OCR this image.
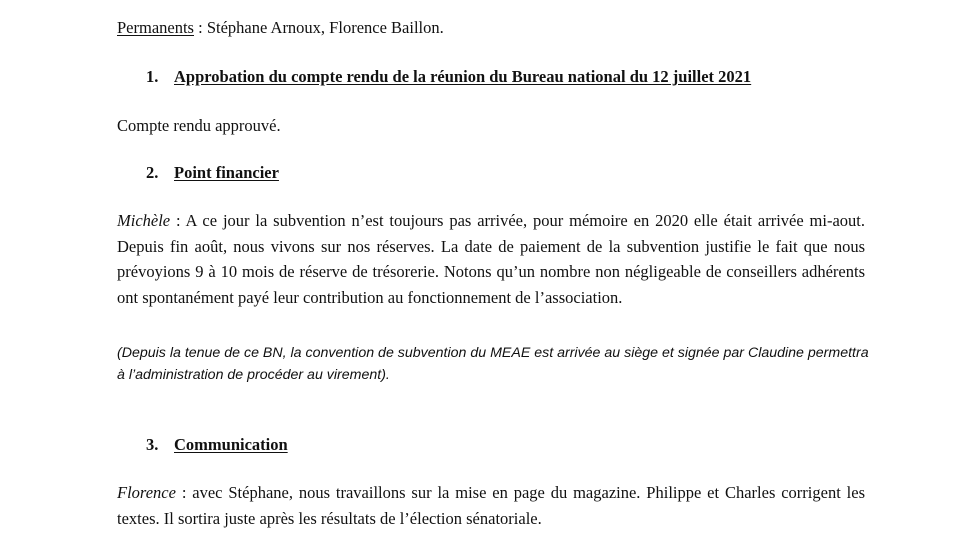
Permanents : Stéphane Arnoux, Florence Baillon.
1. Approbation du compte rendu de la réunion du Bureau national du 12 juillet 2021
Compte rendu approuvé.
2. Point financier
Michèle : A ce jour la subvention n’est toujours pas arrivée, pour mémoire en 2020 elle était arrivée mi-aout. Depuis fin août, nous vivons sur nos réserves. La date de paiement de la subvention justifie le fait que nous prévoyions 9 à 10 mois de réserve de trésorerie. Notons qu’un nombre non négligeable de conseillers adhérents ont spontanément payé leur contribution au fonctionnement de l’association.
(Depuis la tenue de ce BN, la convention de subvention du MEAE est arrivée au siège et signée par Claudine permettra à l’administration de procéder au virement).
3. Communication
Florence : avec Stéphane, nous travaillons sur la mise en page du magazine. Philippe et Charles corrigent les textes. Il sortira juste après les résultats de l’élection sénatoriale.
